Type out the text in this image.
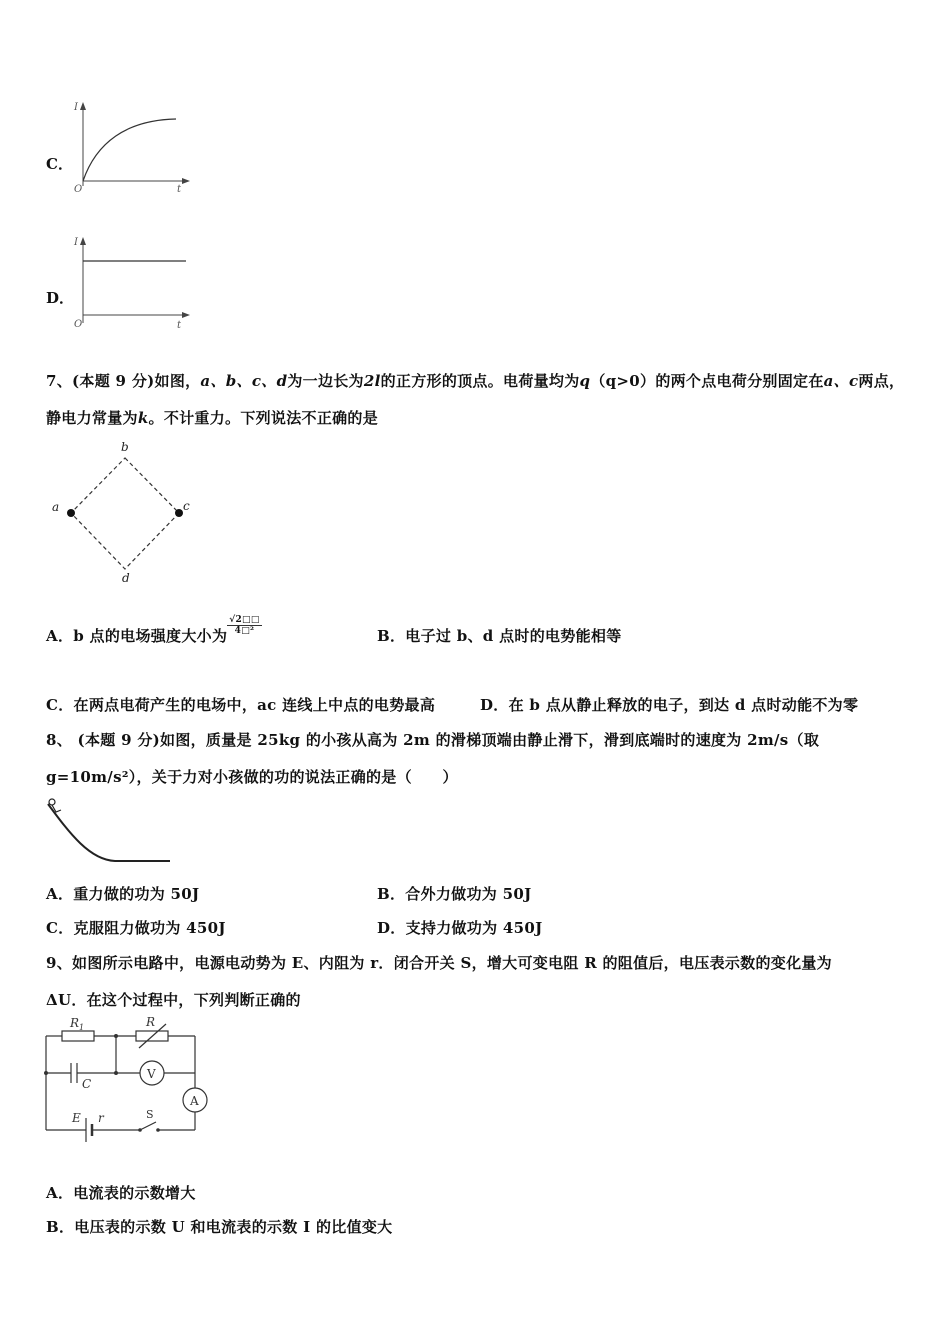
C．
I
t
O
D．
I
t
O
7、(本题 9 分)如图，a、b、c、d为一边长为2l的正方形的顶点。电荷量均为q（q>0）的两个点电荷分别固定在a、c两点，
静电力常量为k。不计重力。下列说法不正确的是
b
a	c
d
A．b 点的电场强度大小为
$\frac{√2□□}{\text{4□²}}$
B．电子过 b、d 点时的电势能相等
C．在两点电荷产生的电场中，ac 连线上中点的电势最高	D．在 b 点从静止释放的电子，到达 d 点时动能不为零
8、 (本题 9 分)如图，质量是 25kg 的小孩从高为 2m 的滑梯顶端由静止滑下，滑到底端时的速度为 2m/s（取
g=10m/s²），关于力对小孩做的功的说法正确的是（　　）
A．重力做的功为 50J	B．合外力做功为 50J
C．克服阻力做功为 450J	D．支持力做功为 450J
9、如图所示电路中，电源电动势为 E、内阻为 r．闭合开关 S，增大可变电阻 R 的阻值后，电压表示数的变化量为
ΔU．在这个过程中，下列判断正确的
$R_1$	R
C
V
A
E r	S
A．电流表的示数增大
B．电压表的示数 U 和电流表的示数 I 的比值变大
